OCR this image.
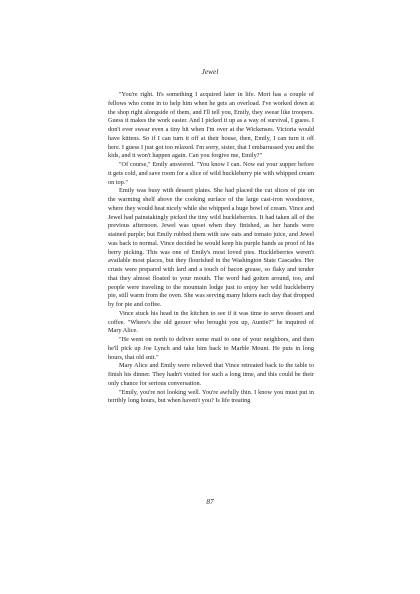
Jewel

"You're right. It's something I acquired later in life. Mort has a couple of fellows who come in to help him when he gets an overload. I've worked down at the shop right alongside of them, and I'll tell you, Emily, they swear like troopers. Guess it makes the work easier. And I picked it up as a way of survival, I guess. I don't ever swear even a tiny bit when I'm over at the Wickenses. Victoria would have kittens. So if I can turn it off at their house, then, Emily, I can turn it off here. I guess I just got too relaxed. I'm sorry, sister, that I embarrassed you and the kids, and it won't happen again. Can you forgive me, Emily?"

"Of course," Emily answered. "You know I can. Now eat your supper before it gets cold, and save room for a slice of wild huckleberry pie with whipped cream on top."

Emily was busy with dessert plates. She had placed the cut slices of pie on the warming shelf above the cooking surface of the large cast-iron woodstove, where they would heat nicely while she whipped a huge bowl of cream. Vince and Jewel had painstakingly picked the tiny wild huckleberries. It had taken all of the previous afternoon. Jewel was upset when they finished, as her hands were stained purple; but Emily rubbed them with raw oats and tomato juice, and Jewel was back to normal. Vince decided he would keep his purple hands as proof of his berry picking. This was one of Emily's most loved pies. Huckleberries weren't available most places, but they flourished in the Washington State Cascades. Her crusts were prepared with lard and a touch of bacon grease, so flaky and tender that they almost floated to your mouth. The word had gotten around, too, and people were traveling to the mountain lodge just to enjoy her wild huckleberry pie, still warm from the oven. She was serving many hikers each day that dropped by for pie and coffee.

Vince stuck his head in the kitchen to see if it was time to serve dessert and coffee. "Where's the old geezer who brought you up, Auntie?" he inquired of Mary Alice.

"He went on north to deliver some mail to one of your neighbors, and then he'll pick up Joe Lynch and take him back to Marble Mount. He puts in long hours, that old snit."

Mary Alice and Emily were relieved that Vince retreated back to the table to finish his dinner. They hadn't visited for such a long time, and this could be their only chance for serious conversation.

"Emily, you're not looking well. You're awfully thin. I know you must put in terribly long hours, but when haven't you? Is life treating

87
